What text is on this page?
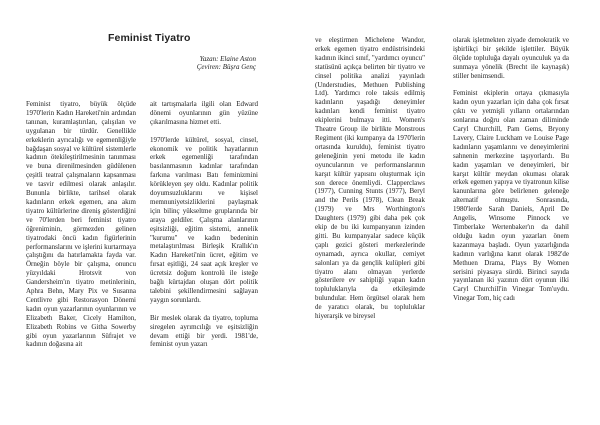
Feminist Tiyatro
Yazan: Elaine Aston
Çeviren: Büşra Genç

Feminist tiyatro, büyük ölçüde 1970'lerin Kadın Hareketi'nin ardından tanınan, kuramlaştırılan, çalışılan ve uygulanan bir türdür. Genellikle erkeklerin ayrıcalığı ve egemenliğiyle bağdaşan sosyal ve kültürel sistemlerle kadının ötekileştirilmesinin tanınması ve buna direnilmesinden güdülenen çeşitli teatral çalışmaların kapsanması ve tasvir edilmesi olarak anlaşılır. Bununla birlikte, tarihsel olarak kadınların erkek egemen, ana akım tiyatro kültürlerine direniş gösterdiğini ve 70'lerden beri feminist tiyatro öğreniminin, görmezden gelinen tiyatrodaki öncü kadın figürlerinin performanslarını ve işlerini kurtarmaya çalıştığını da hatırlamakta fayda var. Örneğin böyle bir çalışma, onuncu yüzyıldaki Hrotsvit von Gandersheim'ın tiyatro metinlerinin, Aphra Behn, Mary Pix ve Susanna Centlivre gibi Restorasyon Dönemi kadın oyun yazarlarının oyunlarının ve Elizabeth Baker, Cicely Hamilton, Elizabeth Robins ve Githa Sowerby gibi oyun yazarlarının Süfrajet ve kadının doğasına ait

ait tartışmalarla ilgili olan Edward dönemi oyunlarının gün yüzüne çıkarılmasına hizmet etti.

1970'lerde kültürel, sosyal, cinsel, ekonomik ve politik hayatlarının erkek egemenliği tarafından basılanmasının kadınlar tarafından farkına varılması Batı feminizmini körükleyen şey oldu. Kadınlar politik doyumsuzluklarını ve kişisel memnuniyetsizliklerini paylaşmak için bilinç yükseltme gruplarında bir araya geldiler. Çalışma alanlarının eşitsizliği, eğitim sistemi, annelik "kurumu" ve kadın bedeninin metalaştırılması Birleşik Krallık'ın Kadın Hareketi'nin ücret, eğitim ve fırsat eşitliği, 24 saat açık kreşler ve ücretsiz doğum kontrolü ile isteğe bağlı kürtajdan oluşan dört politik talebini şekillendirmesini sağlayan yaygın sorunlardı.

Bir meslek olarak da tiyatro, topluma siregelen ayrımcılığı ve eşitsizliğin devam ettiği bir yerdi. 1981'de, feminist oyun yazarı

ve eleştirmen Michelene Wandor, erkek egemen tiyatro endüstrisindeki kadının ikinci sınıf, "yardımcı oyuncu" statüsünü açıkça belirten bir tiyatro ve cinsel politika analizi yayınladı (Understudies, Methuen Publishing Ltd). Yardımcı role taksis edilmiş kadınların yaşadığı deneyimler kadınları kendi feminist tiyatro ekiplerini bulmaya itti. Women's Theatre Group ile birlikte Monstrous Regiment (iki kumpanya da 1970'lerin ortasında kuruldu), feminist tiyatro geleneğinin yeni metodu ile kadın oyuncularının ve performanslarının karşıt kültür yapısını oluşturmak için son derece önemliydi. Clapperclaws (1977), Cunning Stunts (1977), Beryl and the Perils (1978), Clean Break (1979) ve Mrs Worthington's Daughters (1979) gibi daha pek çok ekip de bu iki kumpanyanın izinden gitti. Bu kumpanyalar sadece küçük çaplı gezici gösteri merkezlerinde oynamadı, ayrıca okullar, cemiyet salonları ya da gençlik kulüpleri gibi tiyatro alanı olmayan yerlerde gösterilere ev sahipliği yapan kadın topluluklarıyla da etkileşimde bulundular. Hem örgütsel olarak hem de yaratıcı olarak, bu topluluklar hiyerarşik ve bireysel

olarak işletmekten ziyade demokratik ve işbirlikçi bir şekilde işlettiler. Büyük ölçüde topluluğa dayalı oyunculuk ya da sunmaya yönelik (Brecht ile kaynaşık) stiller benimsendi.

Feminist ekiplerin ortaya çıkmasıyla kadın oyun yazarları için daha çok fırsat çıktı ve yetmişli yılların ortalarından sonlarına doğru olan zaman diliminde Caryl Churchill, Pam Gems, Bryony Lavery, Claire Luckham ve Louise Page kadınların yaşamlarını ve deneyimlerini sahnenin merkezine taşıyorlardı. Bu kadın yaşamları ve deneyimleri, bir karşıt kültür meydan okuması olarak erkek egemen yapıya ve tiyatronun kilise kanunlarına göre belirlenen geleneğe alternatif olmuştu. Sonrasında, 1980'lerde Sarah Daniels, April De Angelis, Winsome Pinnock ve Timberlake Wertenbaker'ın da dahil olduğu kadın oyun yazarları önem kazanmaya başladı. Oyun yazarlığında kadının varlığına kanıt olarak 1982'de Methuen Drama, Plays By Women serisini piyasaya sürdü. Birinci sayıda yayınlanan iki yazının dört oyunun ilki Caryl Churchill'in Vinegar Tom'uydu. Vinegar Tom, hiç cadı
